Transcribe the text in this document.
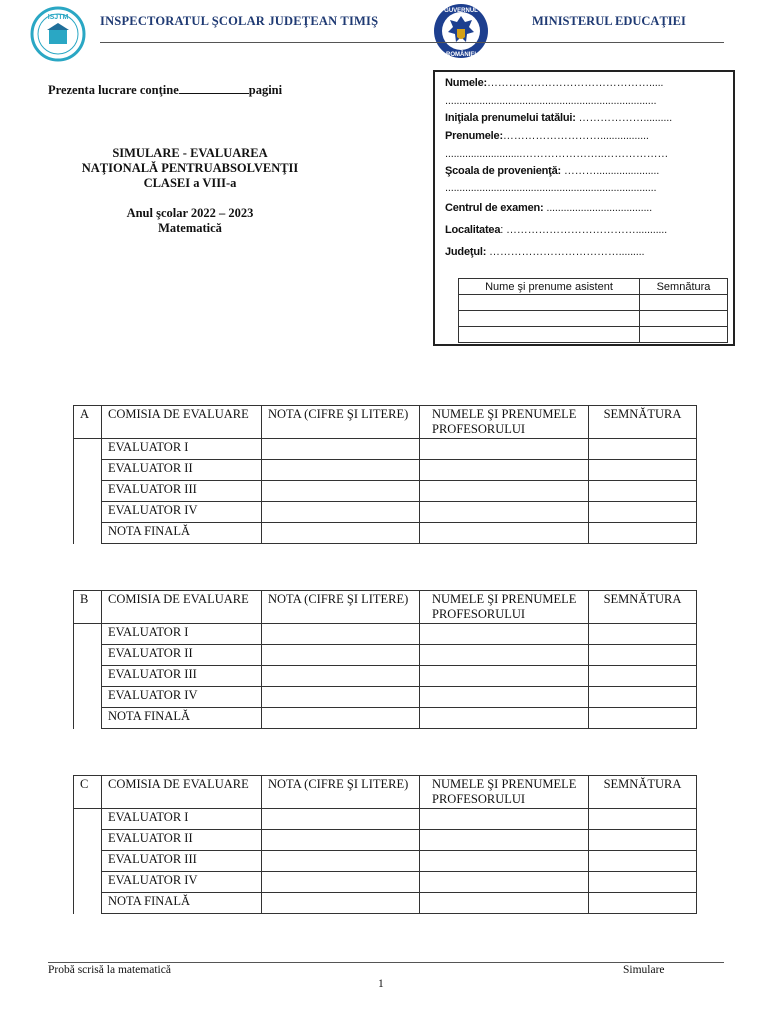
ISJTM
GUVERNUL
ROMÂNIEI
INSPECTORATUL ŞCOLAR JUDEŢEAN TIMIŞ	MINISTERUL EDUCAŢIEI
Prezenta lucrare conţine	pagini
SIMULARE - EVALUAREA
NAŢIONALĂ PENTRUABSOLVENŢII
CLASEI a VIII-a
Anul şcolar 2022 – 2023
Matematică
Numele:……………………………………….....
..........................................................................
Iniţiala prenumelui tatălui: ………………..........
Prenumele:……………………….................
...........................…………………..………………
Şcoala de provenienţă: ………......................
..........................................................................
Centrul de examen: .....................................
Localitatea: ………………………………...........
Judeţul: ……………………………….........
Nume şi prenume asistent	Semnătura

A	COMISIA DE EVALUARE	NOTA (CIFRE ŞI LITERE)	NUMELE ŞI PRENUMELE PROFESORULUI	SEMNĂTURA
	EVALUATOR I			
	EVALUATOR II			
	EVALUATOR III			
	EVALUATOR IV			
	NOTA FINALĂ			
B	COMISIA DE EVALUARE	NOTA (CIFRE ŞI LITERE)	NUMELE ŞI PRENUMELE PROFESORULUI	SEMNĂTURA
	EVALUATOR I			
	EVALUATOR II			
	EVALUATOR III			
	EVALUATOR IV			
	NOTA FINALĂ			
C	COMISIA DE EVALUARE	NOTA (CIFRE ŞI LITERE)	NUMELE ŞI PRENUMELE PROFESORULUI	SEMNĂTURA
	EVALUATOR I			
	EVALUATOR II			
	EVALUATOR III			
	EVALUATOR IV			
	NOTA FINALĂ			
Probă scrisă la matematică	Simulare
1
